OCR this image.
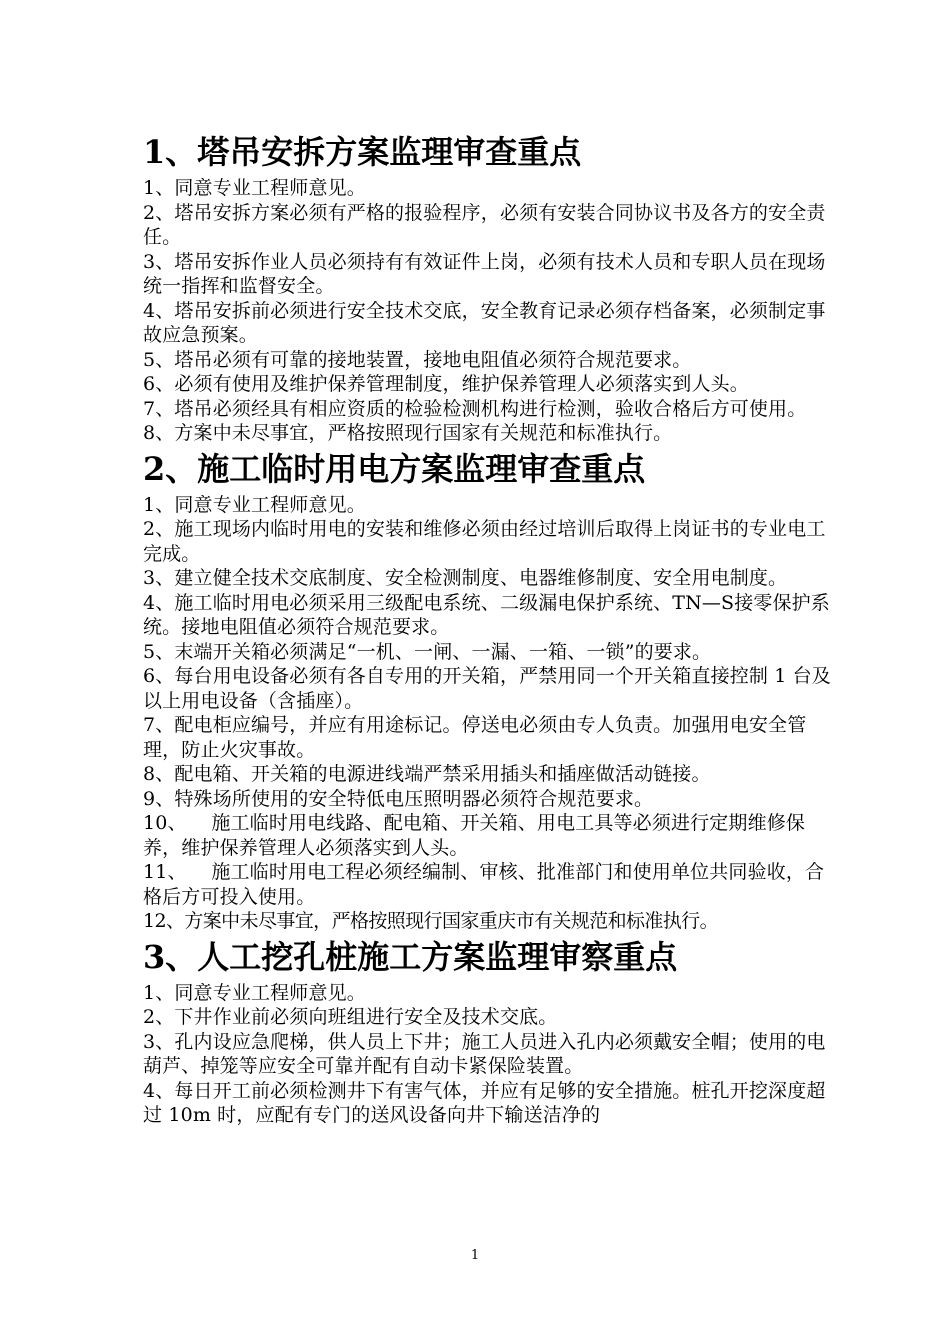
1、塔吊安拆方案监理审查重点

1、同意专业工程师意见。

2、塔吊安拆方案必须有严格的报验程序，必须有安装合同协议书及各方的安全责任。

3、塔吊安拆作业人员必须持有有效证件上岗，必须有技术人员和专职人员在现场统一指挥和监督安全。

4、塔吊安拆前必须进行安全技术交底，安全教育记录必须存档备案，必须制定事故应急预案。

5、塔吊必须有可靠的接地装置，接地电阻值必须符合规范要求。

6、必须有使用及维护保养管理制度，维护保养管理人必须落实到人头。

7、塔吊必须经具有相应资质的检验检测机构进行检测，验收合格后方可使用。

8、方案中未尽事宜，严格按照现行国家有关规范和标准执行。

2、施工临时用电方案监理审查重点

1、同意专业工程师意见。

2、施工现场内临时用电的安装和维修必须由经过培训后取得上岗证书的专业电工完成。

3、建立健全技术交底制度、安全检测制度、电器维修制度、安全用电制度。

4、施工临时用电必须采用三级配电系统、二级漏电保护系统、TN—S接零保护系统。接地电阻值必须符合规范要求。

5、末端开关箱必须满足“一机、一闸、一漏、一箱、一锁”的要求。

6、每台用电设备必须有各自专用的开关箱，严禁用同一个开关箱直接控制 1 台及以上用电设备（含插座）。

7、配电柜应编号，并应有用途标记。停送电必须由专人负责。加强用电安全管理，防止火灾事故。

8、配电箱、开关箱的电源进线端严禁采用插头和插座做活动链接。

9、特殊场所使用的安全特低电压照明器必须符合规范要求。

10、    施工临时用电线路、配电箱、开关箱、用电工具等必须进行定期维修保养，维护保养管理人必须落实到人头。

11、    施工临时用电工程必须经编制、审核、批准部门和使用单位共同验收，合格后方可投入使用。

12、方案中未尽事宜，严格按照现行国家重庆市有关规范和标准执行。

3、人工挖孔桩施工方案监理审察重点

1、同意专业工程师意见。

2、下井作业前必须向班组进行安全及技术交底。

3、孔内设应急爬梯，供人员上下井；施工人员进入孔内必须戴安全帽；使用的电葫芦、掉笼等应安全可靠并配有自动卡紧保险装置。

4、每日开工前必须检测井下有害气体，并应有足够的安全措施。桩孔开挖深度超过 10m 时，应配有专门的送风设备向井下输送洁净的

1
